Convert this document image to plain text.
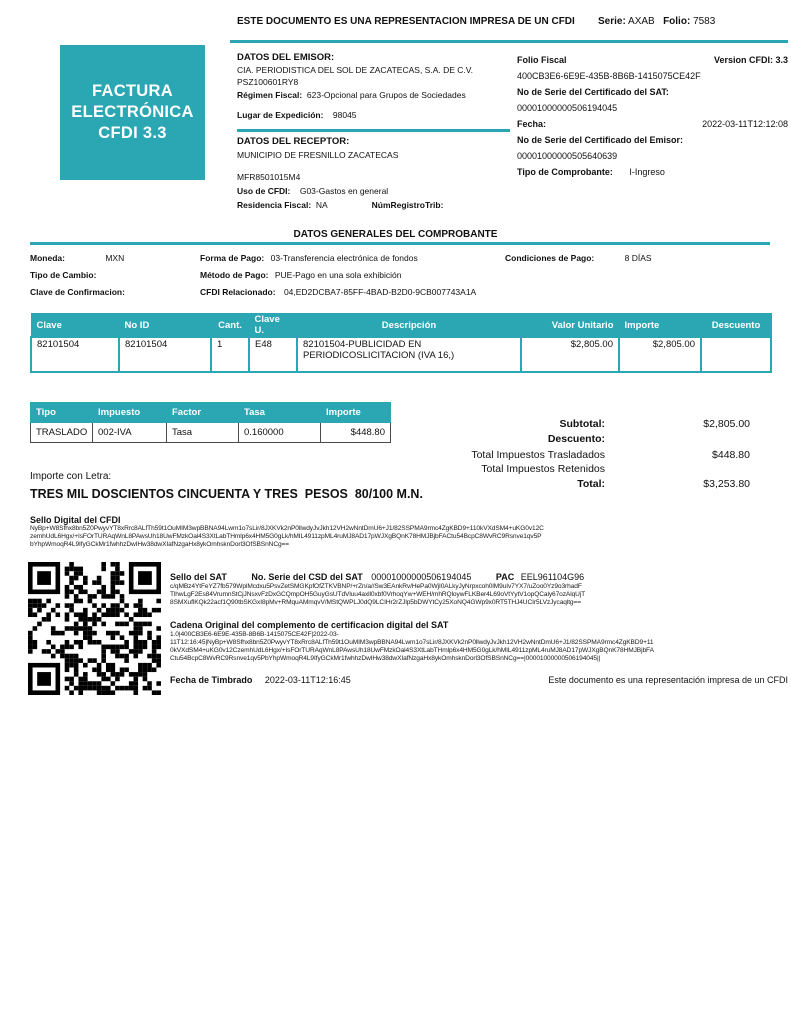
ESTE DOCUMENTO ES UNA REPRESENTACION IMPRESA DE UN CFDI Serie: AXAB Folio: 7583
FACTURA
ELECTRÓNICA
CFDI 3.3
DATOS DEL EMISOR:
CIA. PERIODISTICA DEL SOL DE ZACATECAS, S.A. DE C.V.
PSZ100601RY8
Régimen Fiscal: 623-Opcional para Grupos de Sociedades
Lugar de Expedición: 98045
DATOS DEL RECEPTOR:
MUNICIPIO DE FRESNILLO ZACATECAS
MFR8501015M4
Uso de CFDI: G03-Gastos en general
Residencia Fiscal: NA	NúmRegistroTrib:
Folio Fiscal	Version CFDI: 3.3
400CB3E6-6E9E-435B-8B6B-1415075CE42F
No de Serie del Certificado del SAT:
00001000000506194045
Fecha:	2022-03-11T12:12:08
No de Serie del Certificado del Emisor:
00001000000505640639
Tipo de Comprobante: I-Ingreso
DATOS GENERALES DEL COMPROBANTE
Moneda:	MXN	Forma de Pago: 03-Transferencia electrónica de fondos	Condiciones de Pago:	8 DÍAS
Tipo de Cambio:	Método de Pago: PUE-Pago en una sola exhibición
Clave de Confirmacion:	CFDI Relacionado: 04,ED2DCBA7-85FF-4BAD-B2D0-9CB007743A1A
Clave	No ID	Cant.	Clave U.	Descripción	Valor Unitario	Importe	Descuento
82101504	82101504	1	E48	82101504-PUBLICIDAD EN PERIODICOSLICITACION (IVA 16,)	$2,805.00	$2,805.00	
Tipo	Impuesto	Factor	Tasa	Importe
TRASLADO	002-IVA	Tasa	0.160000	$448.80
Subtotal:	$2,805.00
Descuento:
Total Impuestos Trasladados	$448.80
Total Impuestos Retenidos
Total:	$3,253.80
Importe con Letra:
TRES MIL DOSCIENTOS CINCUENTA Y TRES  PESOS  80/100 M.N.
Sello Digital del CFDI
NyBp+W8Sfhx8bn5Z0PwyvYT8xRrc8ALfTh59t1OuMIM3wpBBNA94Lwm1o7sLir/8JXKVk2nP0llwdyJvJkh12VH2wNntDmU6+J1/82SSPMA9rmc4ZgKBD9+110kVXdSM4+uKG0v12C
zemhUdL6Hgx/+IsFOrTURAqWnL8PAwsUh18UwFMzkOal4S3XtLabTHmlp6x4HM5G0gLk/hMIL4911zpML4ruMJ8AD17pWJXgBQnK78HMJBjbFACtu54BcpC8WvRC9Rsnve1qv5P
bYhpWmoqR4L9IfyGCkMr1fwhhzDwIHw38dwXIafNzgaHx8ykOmhsknDorl3OfSBSnNCg==
Sello del SAT	No. Serie del CSD del SAT 00001000000506194045	PAC EEL961104G96
c/qMBz4YtFeYZ7fb579WplMcdxu5PsvZetSMGKpfOfZTKVBNP/+rZn/a//Sw3EAnkRv/HePa0WjI0ALkyJyNrpxcoh0lM9uIv7YX7/uZoo0Yz9o3rhadF
TlhwLgF2Es84VrumnStCjJNsxvFzDxGCQmpOH5GuyGsUTdVluu4axll0xbf0VrhoqYw+WEH/mhRQloywFLKBer4L69oVtYytV1opQCaly67ozAlqUjT
8SMXuflKQk22acf1Q90tbSKGxI8pMv+RMquAMmqvV/MStQWPLJ0dQ9LCIHr2rZJlp5bDWYtCy25XoNQ4GWp9x0RT5THJ4UCIr5LVzJycaqltg==
Cadena Original del complemento de certificacion digital del SAT
1.0|400CB3E6-6E9E-435B-8B6B-1415075CE42F|2022-03-
11T12:16:45|NyBp+W8Sfhx8bn5Z0PwyvYT8xRrc8ALfTh59t1OuMIM3wpBBNA94Lwm1o7sLir/8JXKVk2nP0llwdyJvJkh12VH2wNntDmU6+J1/82SSPMA9rmc4ZgKBD9+11
0kVXdSM4+uKG0v12CzemhUdL6Hgx/+IsFOrTURAqWnL8PAwsUh18UwFMzkOal4S3XtLabTHmlp6x4HM5G0gLk/hMIL4911zpML4ruMJ8AD17pWJXgBQnK78HMJBjbFA
Ctu54BcpC8WvRC9Rsnve1qv5PbYhpWmoqR4L9IfyGCkMr1fwhhzDwIHw38dwXIafNzgaHx8ykOmhsknDorl3OfSBSnNCg==|00001000000506194045||
Fecha de Timbrado 2022-03-11T12:16:45	Este documento es una representación impresa de un CFDI
